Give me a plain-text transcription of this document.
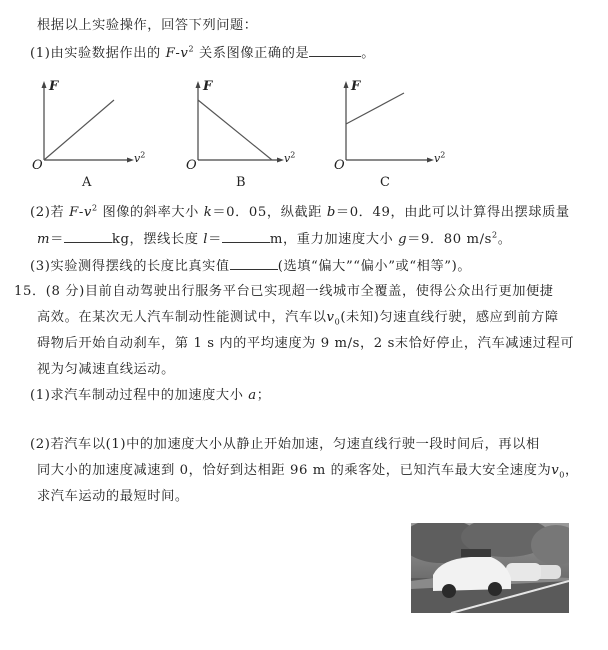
根据以上实验操作，回答下列问题：
(1)由实验数据作出的 $F-v^2$ 关系图像正确的是	。
F
O	$v^2$
A
F
O	$v^2$
B
F
O	$v^2$
C
(2)若 $F-v^2$ 图像的斜率大小 k＝0．05，纵截距 b＝0．49，由此可以计算得出摆球质量
m＝	kg，摆线长度 l＝	m，重力加速度大小 g＝9．80 $m/s^2$。
(3)实验测得摆线的长度比真实值	(选填“偏大”“偏小”或“相等”)。
15．(8 分)目前自动驾驶出行服务平台已实现超一线城市全覆盖，使得公众出行更加便捷
高效。在某次无人汽车制动性能测试中，汽车以$v_0$(未知)匀速直线行驶，感应到前方障
碍物后开始自动刹车，第 1 s 内的平均速度为 9 m/s，2 s末恰好停止，汽车减速过程可
视为匀减速直线运动。
(1)求汽车制动过程中的加速度大小 a；
(2)若汽车以(1)中的加速度大小从静止开始加速，匀速直线行驶一段时间后，再以相
同大小的加速度减速到 0，恰好到达相距 96 m 的乘客处，已知汽车最大安全速度为$v_0$，
求汽车运动的最短时间。
